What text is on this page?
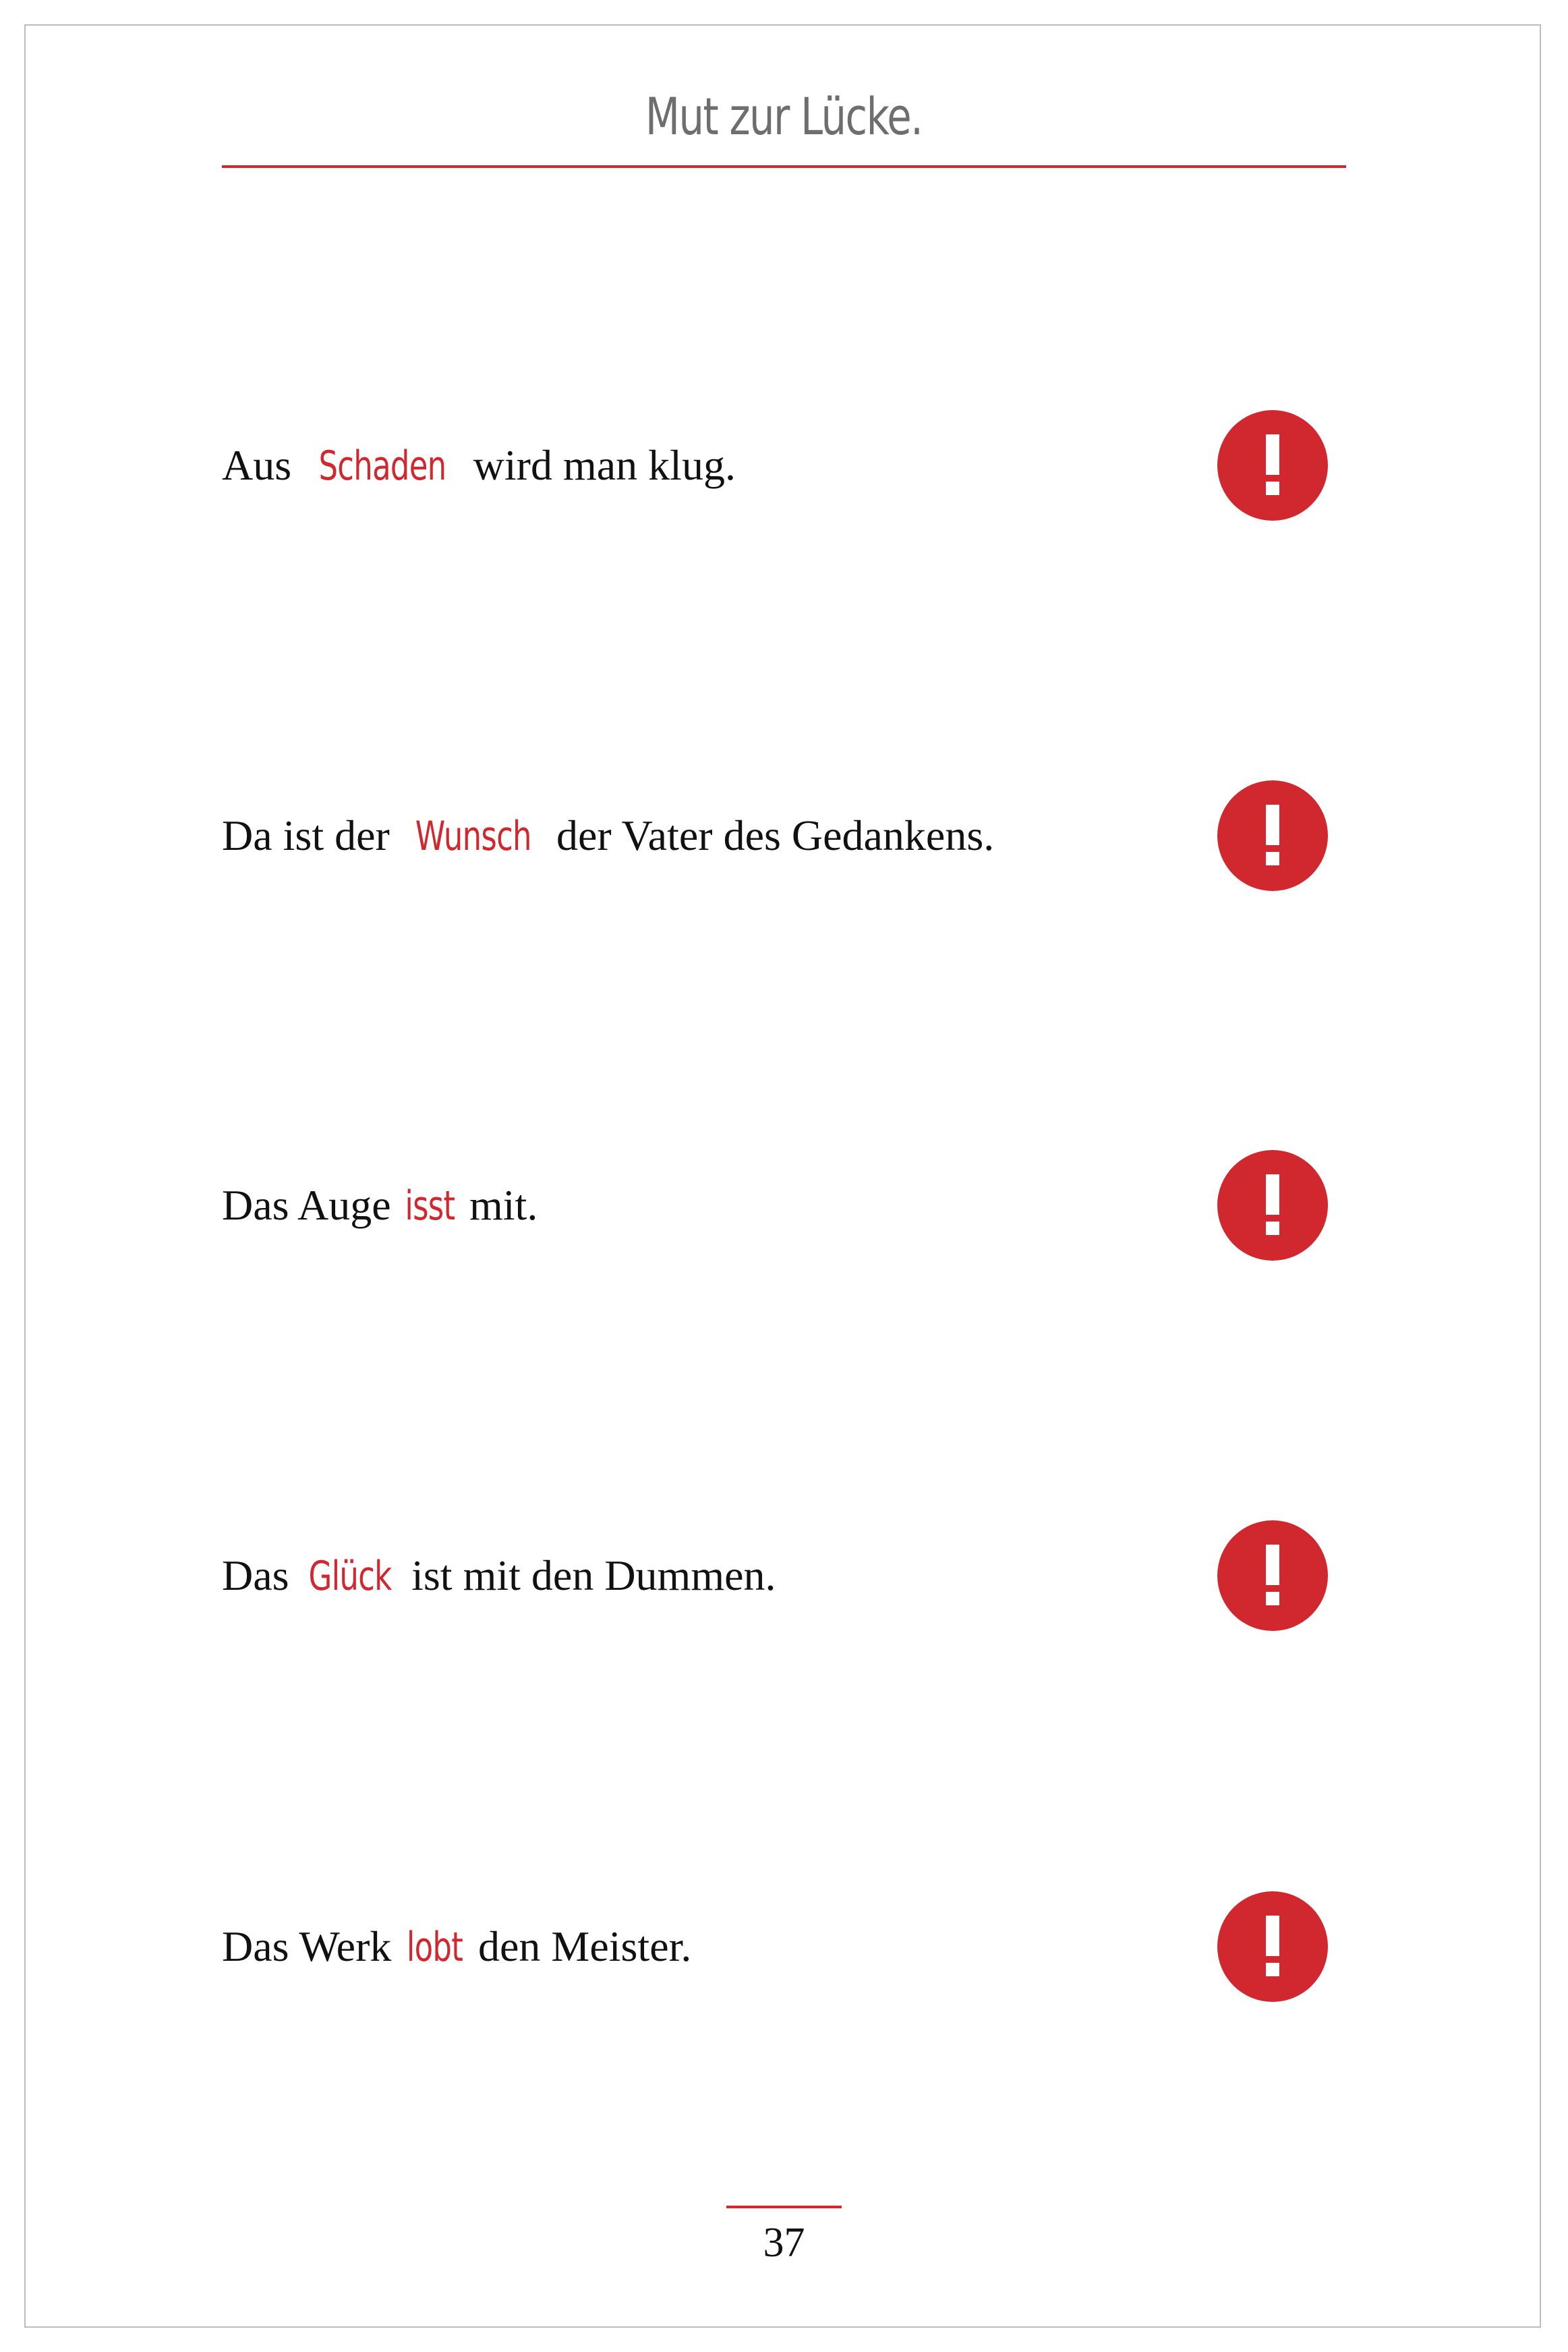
Mut zur Lücke.
Aus Schaden wird man klug.
Da ist der Wunsch der Vater des Gedankens.
Das Auge isst mit.
Das Glück ist mit den Dummen.
Das Werk lobt den Meister.
37
